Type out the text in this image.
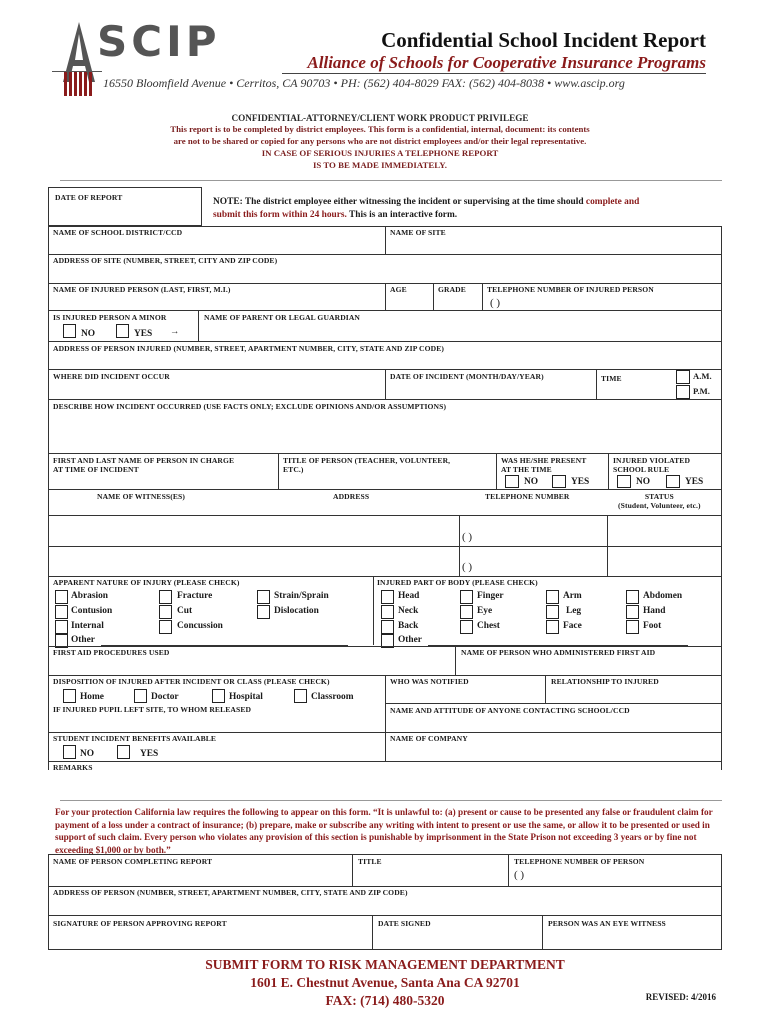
SCIP	Confidential School Incident Report
Alliance of Schools for Cooperative Insurance Programs
16550 Bloomfield Avenue • Cerritos, CA 90703 • PH: (562) 404-8029 FAX: (562) 404-8038 • www.ascip.org
CONFIDENTIAL-ATTORNEY/CLIENT WORK PRODUCT PRIVILEGE
This report is to be completed by district employees. This form is a confidential, internal, document: its contents
are not to be shared or copied for any persons who are not district employees and/or their legal representative.
IN CASE OF SERIOUS INJURIES A TELEPHONE REPORT
IS TO BE MADE IMMEDIATELY.
DATE OF REPORT	NOTE: The district employee either witnessing the incident or supervising at the time should complete and
submit this form within 24 hours. This is an interactive form.
NAME OF SCHOOL DISTRICT/CCD	NAME OF SITE
ADDRESS OF SITE (NUMBER, STREET, CITY AND ZIP CODE)
NAME OF INJURED PERSON (LAST, FIRST, M.I.)	AGE	GRADE	TELEPHONE NUMBER OF INJURED PERSON
( )
IS INJURED PERSON A MINOR	NAME OF PARENT OR LEGAL GUARDIAN
NO	YES →
ADDRESS OF PERSON INJURED (NUMBER, STREET, APARTMENT NUMBER, CITY, STATE AND ZIP CODE)
WHERE DID INCIDENT OCCUR	DATE OF INCIDENT (MONTH/DAY/YEAR)	TIME	A.M.
P.M.
DESCRIBE HOW INCIDENT OCCURRED (USE FACTS ONLY; EXCLUDE OPINIONS AND/OR ASSUMPTIONS)
FIRST AND LAST NAME OF PERSON IN CHARGE
AT TIME OF INCIDENT
TITLE OF PERSON (TEACHER, VOLUNTEER,
ETC.)
WAS HE/SHE PRESENT
AT THE TIME
NO	YES
INJURED VIOLATED
SCHOOL RULE
NO	YES
NAME OF WITNESS(ES)	ADDRESS	TELEPHONE NUMBER	STATUS
(Student, Volunteer, etc.)
( )
( )
APPARENT NATURE OF INJURY (PLEASE CHECK)	INJURED PART OF BODY (PLEASE CHECK)
Abrasion	Fracture	Strain/Sprain
Contusion	Cut	Dislocation
Internal	Concussion
Other
Head	Finger	Arm	Abdomen
Neck	Eye	Leg	Hand
Back	Chest	Face	Foot
Other
FIRST AID PROCEDURES USED	NAME OF PERSON WHO ADMINISTERED FIRST AID
DISPOSITION OF INJURED AFTER INCIDENT OR CLASS (PLEASE CHECK)	WHO WAS NOTIFIED	RELATIONSHIP TO INJURED
Home	Doctor	Hospital	Classroom
IF INJURED PUPIL LEFT SITE, TO WHOM RELEASED	NAME AND ATTITUDE OF ANYONE CONTACTING SCHOOL/CCD
STUDENT INCIDENT BENEFITS AVAILABLE	NAME OF COMPANY
NO	YES
REMARKS
For your protection California law requires the following to appear on this form. “It is unlawful to: (a) present or cause to be presented any false or fraudulent claim for payment of a loss under a contract of insurance; (b) prepare, make or subscribe any writing with intent to present or use the same, or allow it to be presented or used in support of such claim. Every person who violates any provision of this section is punishable by imprisonment in the State Prison not exceeding 3 years or by fine not exceeding $1,000 or by both.”
NAME OF PERSON COMPLETING REPORT	TITLE	TELEPHONE NUMBER OF PERSON
( )
ADDRESS OF PERSON (NUMBER, STREET, APARTMENT NUMBER, CITY, STATE AND ZIP CODE)
SIGNATURE OF PERSON APPROVING REPORT	DATE SIGNED	PERSON WAS AN EYE WITNESS
SUBMIT FORM TO RISK MANAGEMENT DEPARTMENT
1601 E. Chestnut Avenue, Santa Ana CA 92701
FAX: (714) 480-5320	REVISED: 4/2016
